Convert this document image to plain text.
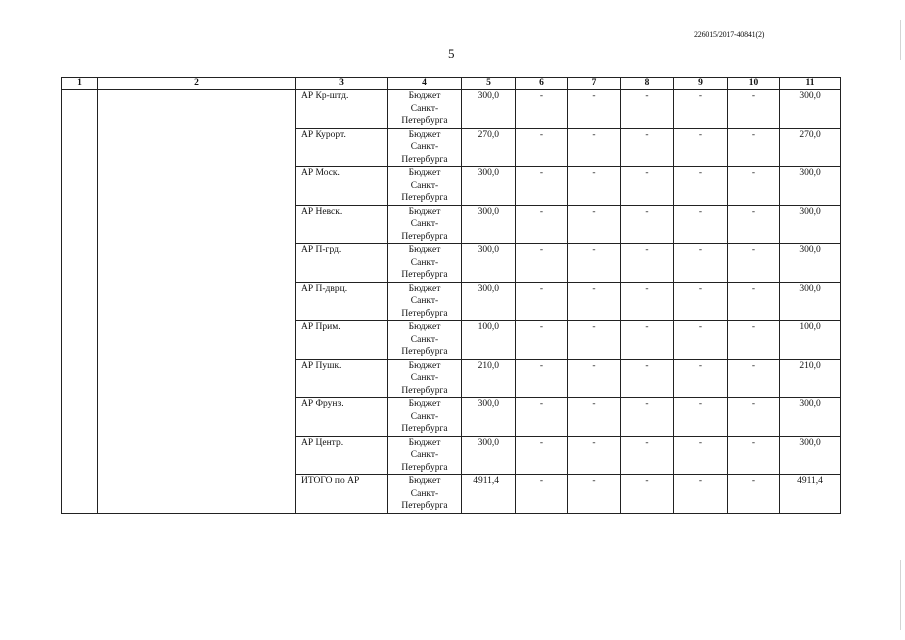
226015/2017-40841(2)
5
1	2	3	4	5	6	7	8	9	10	11
		АР Кр-штд.	Бюджет
Санкт-
Петербурга	300,0	-	-	-	-	-	300,0
		АР Курорт.	Бюджет
Санкт-
Петербурга	270,0	-	-	-	-	-	270,0
		АР Моск.	Бюджет
Санкт-
Петербурга	300,0	-	-	-	-	-	300,0
		АР Невск.	Бюджет
Санкт-
Петербурга	300,0	-	-	-	-	-	300,0
		АР П-грд.	Бюджет
Санкт-
Петербурга	300,0	-	-	-	-	-	300,0
		АР П-дврц.	Бюджет
Санкт-
Петербурга	300,0	-	-	-	-	-	300,0
		АР Прим.	Бюджет
Санкт-
Петербурга	100,0	-	-	-	-	-	100,0
		АР Пушк.	Бюджет
Санкт-
Петербурга	210,0	-	-	-	-	-	210,0
		АР Фрунз.	Бюджет
Санкт-
Петербурга	300,0	-	-	-	-	-	300,0
		АР Центр.	Бюджет
Санкт-
Петербурга	300,0	-	-	-	-	-	300,0
		ИТОГО по АР	Бюджет
Санкт-
Петербурга	4911,4	-	-	-	-	-	4911,4
